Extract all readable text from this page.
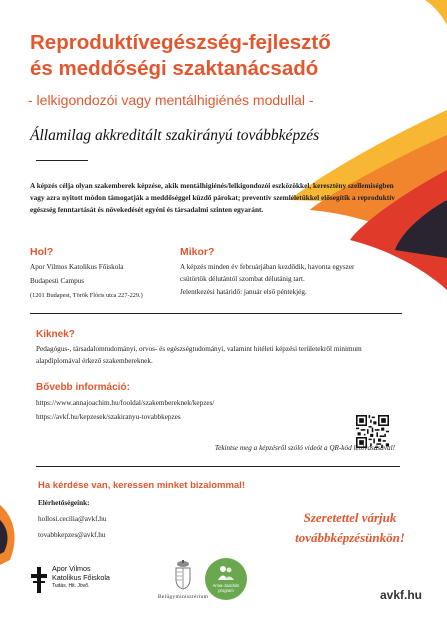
Reproduktívegészség-fejlesztő
és meddőségi szaktanácsadó
- lelkigondozói vagy mentálhigiénés modullal -
Államilag akkreditált szakirányú továbbképzés
A képzés célja olyan szakemberek képzése, akik mentálhigiénés/lelkigondozói eszközökkel, keresztény szellemiségben vagy azra nyitott módon támogatják a meddőséggel küzdő párokat; preventív szemléletükkel elősegítik a reproduktív egészség fenntartását és növekedését egyéni és társadalmi szinten egyaránt.
Hol?
Apor Vilmos Katolikus Főiskola
Budapesti Campus
(1201 Budapest, Török Flóris utca 227-229.)
Mikor?
A képzés minden év februárjában kezdődik, havonta egyszer csütörtök délutántól szombat délutánig tart.
Jelentkezési határidő: január első péntekjég.
Kiknek?
Pedagógus-, társadalomtudományi, orvos- és egészségtudományi, valamint hitéleti képzési területekről minimum alapdiplomával érkező szakembereknek.
Bővebb információ:
https://www.annajoachim.hu/fooldal/szakembereknek/kepzes/
https://avkf.hu/kepzesek/szakiranyu-tovabbkepzes
Tekintse meg a képzésről szóló videót a QR-kód leolvasásával!
Ha kérdése van, keressen minket bizalommal!
Elérhetőségeink:
hollosi.cecilia@avkf.hu
tovabbkepzes@avkf.hu
Szeretettel várjuk
továbbképzésünkön!
Apor Vilmos
Katolikus Főiskola
Tudás. Hit. Jövő.
Belügyminisztérium
Anna-Joachim
program	avkf.hu
